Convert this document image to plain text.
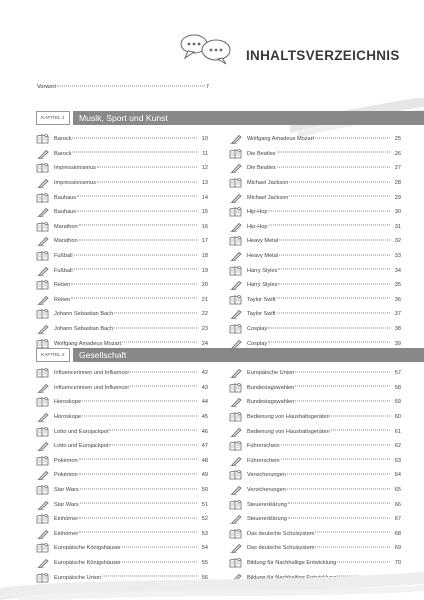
INHALTSVERZEICHNIS
Vorwort	7
KAPITEL 1	Musik, Sport und Kunst
Barock	10
Barock	11
Impressionismus	12
Impressionismus	13
Bauhaus	14
Bauhaus	15
Marathon	16
Marathon	17
Fußball	18
Fußball	19
Reiten	20
Reiten	21
Johann Sebastian Bach	22
Johann Sebastian Bach	23
Wolfgang Amadeus Mozart	24
Wolfgang Amadeus Mozart	25
Die Beatles	26
Die Beatles	27
Michael Jackson	28
Michael Jackson	29
Hip-Hop	30
Hip-Hop	31
Heavy Metal	32
Heavy Metal	33
Harry Styles	34
Harry Styles	35
Taylor Swift	36
Taylor Swift	37
Cosplay	38
Cosplay	39
KAPITEL 2	Gesellschaft
Influencerinnen und Influencer	42
Influencerinnen und Influencer	43
Horoskope	44
Horoskope	45
Lotto und Eurojackpot	46
Lotto und Eurojackpot	47
Pokémon	48
Pokémon	49
Star Wars	50
Star Wars	51
Einhörner	52
Einhörner	53
Europäische Königshäuser	54
Europäische Königshäuser	55
Europäische Union	56
Europäische Union	57
Bundestagswahlen	58
Bundestagswahlen	59
Bedienung von Haushaltsgeräten	60
Bedienung von Haushaltsgeräten	61
Führerschein	62
Führerschein	63
Versicherungen	64
Versicherungen	65
Steuererklärung	66
Steuererklärung	67
Das deutsche Schulsystem	68
Das deutsche Schulsystem	69
Bildung für Nachhaltige Entwicklung	70
Bildung für Nachhaltige Entwicklung	71
